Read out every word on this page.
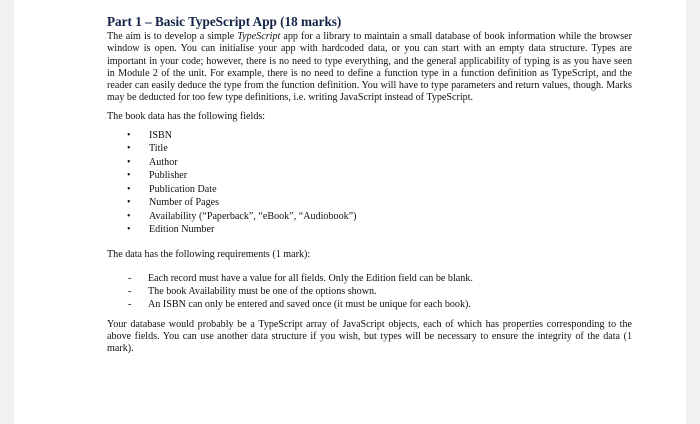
Part 1 – Basic TypeScript App (18 marks)

The aim is to develop a simple TypeScript app for a library to maintain a small database of book information while the browser window is open. You can initialise your app with hardcoded data, or you can start with an empty data structure. Types are important in your code; however, there is no need to type everything, and the general applicability of typing is as you have seen in Module 2 of the unit. For example, there is no need to define a function type in a function definition as TypeScript, and the reader can easily deduce the type from the function definition. You will have to type parameters and return values, though. Marks may be deducted for too few type definitions, i.e. writing JavaScript instead of TypeScript.

The book data has the following fields:

• ISBN
• Title
• Author
• Publisher
• Publication Date
• Number of Pages
• Availability (“Paperback”, “eBook”, “Audiobook”)
• Edition Number

The data has the following requirements (1 mark):

- Each record must have a value for all fields. Only the Edition field can be blank.
- The book Availability must be one of the options shown.
- An ISBN can only be entered and saved once (it must be unique for each book).

Your database would probably be a TypeScript array of JavaScript objects, each of which has properties corresponding to the above fields. You can use another data structure if you wish, but types will be necessary to ensure the integrity of the data (1 mark).
